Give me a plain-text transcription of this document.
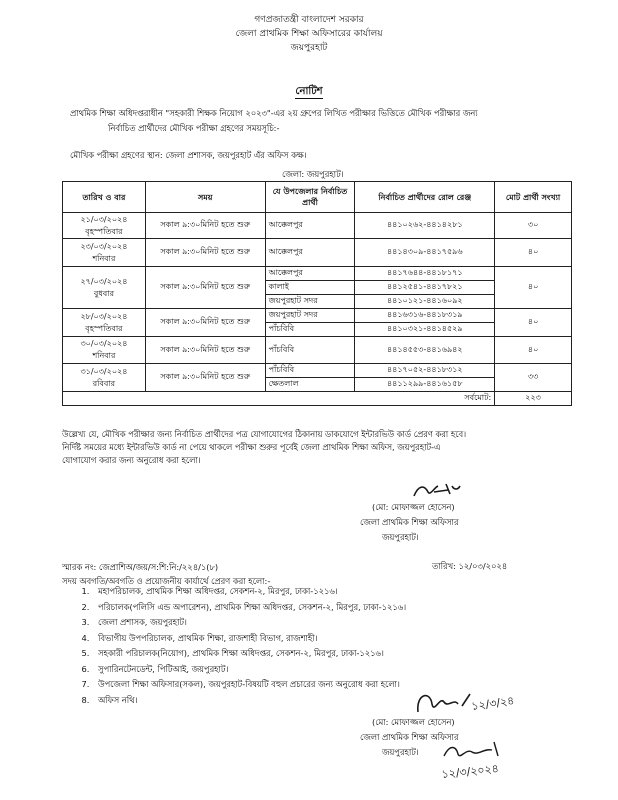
গণপ্রজাতন্ত্রী বাংলাদেশ সরকার
জেলা প্রাথমিক শিক্ষা অফিসারের কার্যালয়
জয়পুরহাট
নোটিশ
প্রাথমিক শিক্ষা অধিদপ্তরাধীন "সহকারী শিক্ষক নিয়োগ ২০২৩"-এর ২য় গ্রুপের লিখিত পরীক্ষার ভিত্তিতে মৌখিক পরীক্ষার জন্য
নির্বাচিত প্রার্থীদের মৌখিক পরীক্ষা গ্রহণের সময়সূচি:-
মৌখিক পরীক্ষা গ্রহণের স্থান: জেলা প্রশাসক, জয়পুরহাট এঁর অফিস কক্ষ।
জেলা: জয়পুরহাট।
তারিখ ও বার	সময়	যে উপজেলার নির্বাচিত প্রার্থী	নির্বাচিত প্রার্থীদের রোল রেঞ্জ	মোট প্রার্থী সংখ্যা
২১/০৩/২০২৪
বৃহস্পতিবার	সকাল ৯:৩০মিনিট হতে শুরু	আক্কেলপুর	৪৪১০২৬২-৪৪১৪২৮১	৩০
২৩/০৩/২০২৪
শনিবার	সকাল ৯:৩০মিনিট হতে শুরু	আক্কেলপুর	৪৪১৪৩০৯-৪৪১৭৫৯৬	৪০
২৭/০৩/২০২৪
বুধবার	সকাল ৯:৩০মিনিট হতে শুরু	আক্কেলপুর	৪৪১৭৬৪৪-৪৪১৮১৭১	৪০
		কালাই	৪৪১২৫৪১-৪৪১৭৮২১	
		জয়পুরহাট সদর	৪৪১০১২১-৪৪১৬০৯২	
২৮/০৩/২০২৪
বৃহস্পতিবার	সকাল ৯:৩০মিনিট হতে শুরু	জয়পুরহাট সদর	৪৪১৬৩১৬-৪৪১৮৩১৯	৪০
		পাঁচবিবি	৪৪১০৩২১-৪৪১৪৫২৯	
৩০/০৩/২০২৪
শনিবার	সকাল ৯:৩০মিনিট হতে শুরু	পাঁচবিবি	৪৪১৪৫৫৩-৪৪১৬৯৪২	৪০
৩১/০৩/২০২৪
রবিবার	সকাল ৯:৩০মিনিট হতে শুরু	পাঁচবিবি	৪৪১৭০৫২-৪৪১৮৩১২	৩৩
		ক্ষেতলাল	৪৪১১২৯৯-৪৪১৬১৫৮	
সর্বমোট:				২২৩
উল্লেখ্য যে, মৌখিক পরীক্ষার জন্য নির্বাচিত প্রার্থীদের পত্র যোগাযোগের ঠিকানায় ডাকযোগে ইন্টারভিউ কার্ড প্রেরণ করা হবে।
নির্দিষ্ট সময়ের মধ্যে ইন্টারভিউ কার্ড না পেয়ে থাকলে পরীক্ষা শুরুর পূর্বেই জেলা প্রাথমিক শিক্ষা অফিস, জয়পুরহাট-এ
যোগাযোগ করার জন্য অনুরোধ করা হলো।
(মো: মোফাজ্জল হোসেন)
জেলা প্রাথমিক শিক্ষা অফিসার
জয়পুরহাট।
স্মারক নং: জেপ্রাশিঅ/জয়/স:শি:নি:/২২৪/১(৮)	তারিখ: ১২/০৩/২০২৪
সদয় অবগতি/অবগতি ও প্রয়োজনীয় কার্যার্থে প্রেরণ করা হলো:-
1. মহাপরিচালক, প্রাথমিক শিক্ষা অধিদপ্তর, সেকশন-২, মিরপুর, ঢাকা-১২১৬।
2. পরিচালক(পলিসি এন্ড অপারেশন), প্রাথমিক শিক্ষা অধিদপ্তর, সেকশন-২, মিরপুর, ঢাকা-১২১৬।
3. জেলা প্রশাসক, জয়পুরহাট।
4. বিভাগীয় উপপরিচালক, প্রাথমিক শিক্ষা, রাজশাহী বিভাগ, রাজশাহী।
5. সহকারী পরিচালক(নিয়োগ), প্রাথমিক শিক্ষা অধিদপ্তর, সেকশন-২, মিরপুর, ঢাকা-১২১৬।
6. সুপারিনটেনডেন্ট, পিটিআই, জয়পুরহাট।
7. উপজেলা শিক্ষা অফিসার(সকল), জয়পুরহাট-বিষয়টি বহুল প্রচারের জন্য অনুরোধ করা হলো।
8. অফিস নথি।	১২/৩/২৪
(মো: মোফাজ্জল হোসেন)
জেলা প্রাথমিক শিক্ষা অফিসার
জয়পুরহাট।
১২/৩/২০২৪
